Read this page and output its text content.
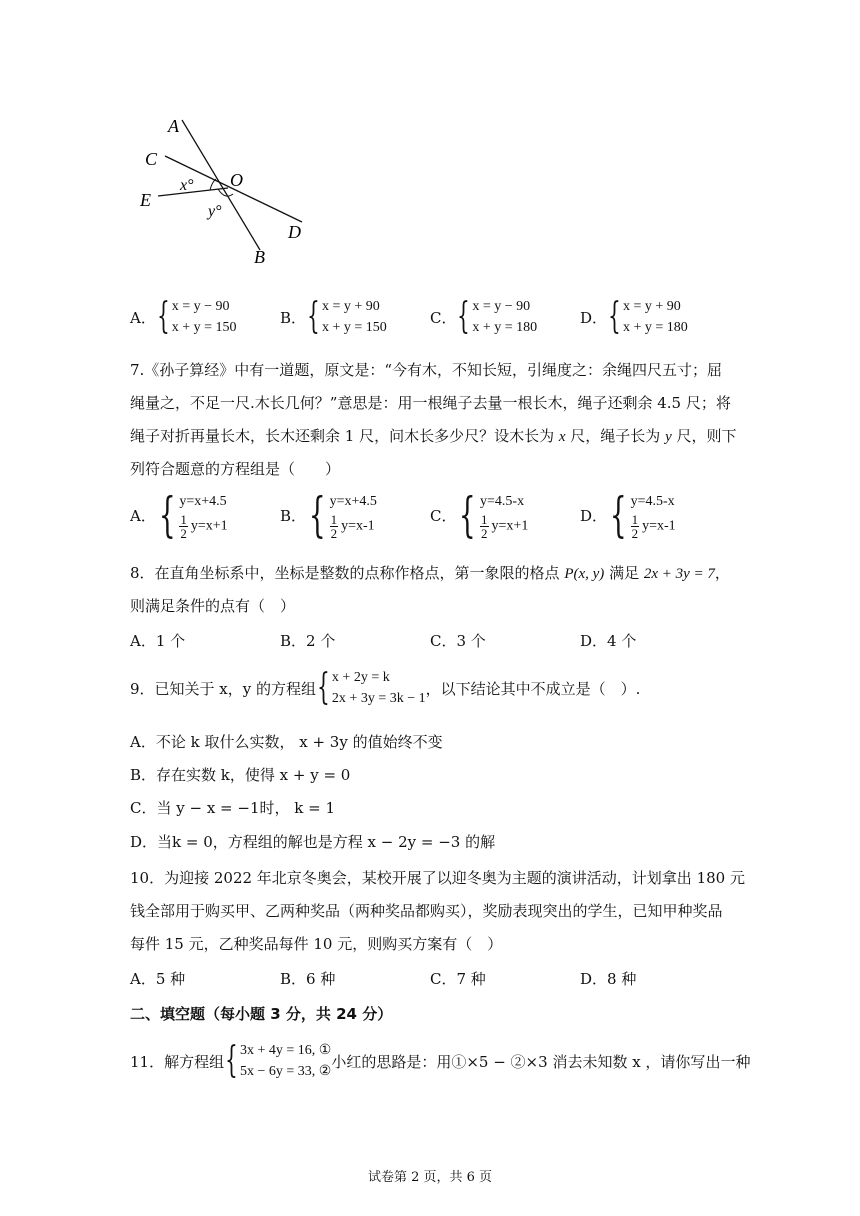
A
C
E
O
x°
y°
D
B
A． { x = y − 90
x + y = 150
B． { x = y + 90
x + y = 150
C． { x = y − 90
x + y = 180
D． { x = y + 90
x + y = 180
7.《孙子算经》中有一道题，原文是：“今有木，不知长短，引绳度之：余绳四尺五寸；屈
绳量之，不足一尺.木长几何？”意思是：用一根绳子去量一根长木，绳子还剩余 4.5 尺；将
绳子对折再量长木，长木还剩余 1 尺，问木长多少尺？设木长为 x 尺，绳子长为 y 尺，则下
列符合题意的方程组是（　　）
A． { y=x+4.5
$\frac{1}{2} y=x+1$
B． { y=x+4.5
$\frac{1}{2} y=x-1$
C． { y=4.5-x
$\frac{1}{2} y=x+1$
D． { y=4.5-x
$\frac{1}{2} y=x-1$
8．在直角坐标系中，坐标是整数的点称作格点，第一象限的格点 P(x, y) 满足 2x + 3y = 7，
则满足条件的点有（　）
A．1 个	B．2 个	C．3 个	D．4 个
9．已知关于 x，y 的方程组 { x + 2y = k
2x + 3y = 3k − 1
，以下结论其中不成立是（　）.
A．不论 k 取什么实数， x + 3y 的值始终不变
B．存在实数 k，使得 x + y = 0
C．当 y − x = −1时， k = 1
D．当k = 0，方程组的解也是方程 x − 2y = −3 的解
10．为迎接 2022 年北京冬奥会，某校开展了以迎冬奥为主题的演讲活动，计划拿出 180 元
钱全部用于购买甲、乙两种奖品（两种奖品都购买），奖励表现突出的学生，已知甲种奖品
每件 15 元，乙种奖品每件 10 元，则购买方案有（　）
A．5 种	B．6 种	C．7 种	D．8 种
二、填空题（每小题 3 分，共 24 分）
11．解方程组 { 3x + 4y = 16, ①
5x − 6y = 33, ②
小红的思路是：用①×5 − ②×3 消去未知数 x ，请你写出一种
试卷第 2 页，共 6 页
